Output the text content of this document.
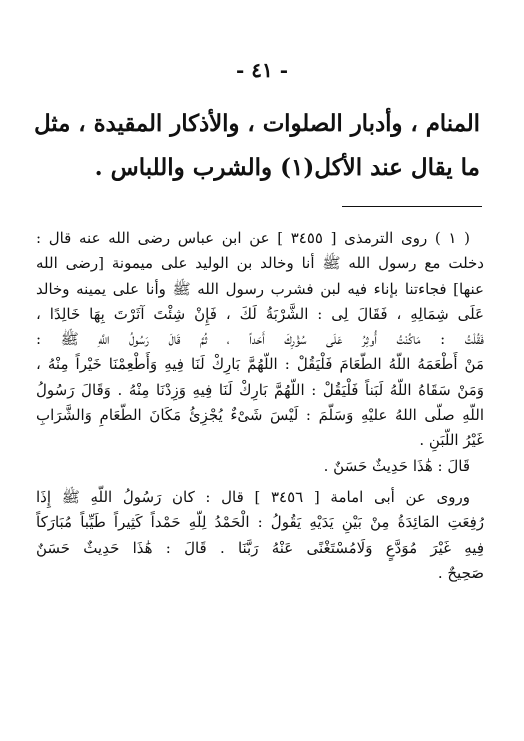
- ٤١ -
المنام ، وأدبار الصلوات ، والأذكار المقيدة ، مثل
ما يقال عند الأكل(١) والشرب واللباس .
( ١ ) روى الترمذى [ ٣٤٥٥ ] عن ابن عباس رضى الله عنه قال :
دخلت مع رسول الله ﷺ أنا وخالد بن الوليد على ميمونة [رضى الله
عنها] فجاءتنا بإناء فيه لبن فشرب رسول الله ﷺ وأنا على يمينه وخالد
عَلَى شِمَالِهِ ، فَقَالَ لِى : الشَّرْبَةُ لَكَ ، فَإِنْ شِئْتَ آثَرْتَ بِهَا خَالِدًا ،
فَقُلْتُ : مَاكُنْتُ أُوثِرُ عَلَى سُؤْرِكَ أَحَداً ، ثُمَّ قَالَ رَسُولُ اللَّهِ ﷺ :
مَنْ أَطْعَمَهُ اللَّهُ الطَّعَامَ فَلْيَقُلْ : اللَّهُمَّ بَارِكْ لَنَا فِيهِ وَأَطْعِمْنَا خَيْراً مِنْهُ ،
وَمَنْ سَقَاهُ اللَّهُ لَبَناً فَلْيَقُلْ : اللَّهُمَّ بَارِكْ لَنَا فِيهِ وَزِدْنَا مِنْهُ . وَقَالَ رَسُولُ
اللَّهِ صلَّى اللهُ عليْهِ وَسَلَّمَ : لَيْسَ شَىْءٌ يُجْزِئُ مَكَانَ الطَّعَامِ وَالشَّرَابِ
غَيْرُ اللَّبَنِ .
قَالَ : هَٰذَا حَدِيثٌ حَسَنٌ .
وروى عن أبى امامة [ ٣٤٥٦ ] قال : كان رَسُولُ اللَّهِ ﷺ إِذَا
رُفِعَتِ المَائِدَةُ مِنْ بَيْنِ يَدَيْهِ يَقُولُ : الْحَمْدُ لِلَّهِ حَمْداً كَثِيراً طَيِّباً مُبَارَكاً
فِيهِ غَيْرَ مُوَدَّعٍ وَلَامُسْتَغْنًى عَنْهُ رَبَّنَا . قَالَ : هَٰذَا حَدِيثٌ حَسَنٌ
صَحِيحٌ .
